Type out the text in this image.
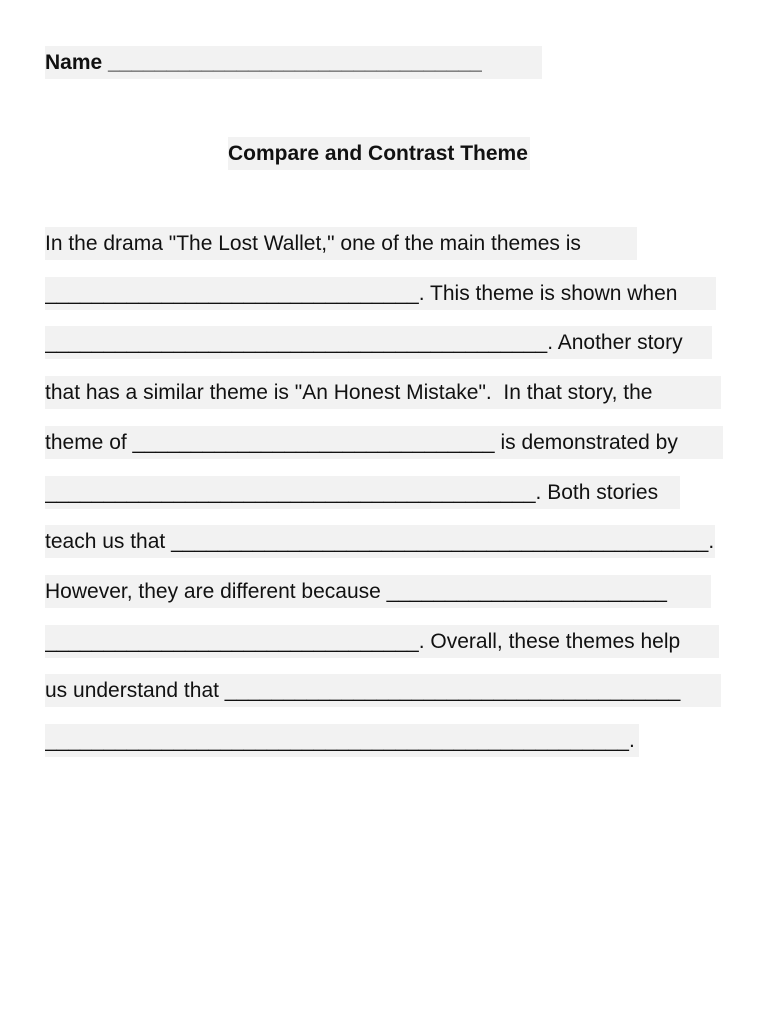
Name ________________________________
Compare and Contrast Theme
In the drama "The Lost Wallet," one of the main themes is
________________________________. This theme is shown when
___________________________________________. Another story
that has a similar theme is "An Honest Mistake".  In that story, the
theme of _______________________________ is demonstrated by
__________________________________________. Both stories
teach us that ______________________________________________.
However, they are different because ________________________
________________________________. Overall, these themes help
us understand that _______________________________________
__________________________________________________.
